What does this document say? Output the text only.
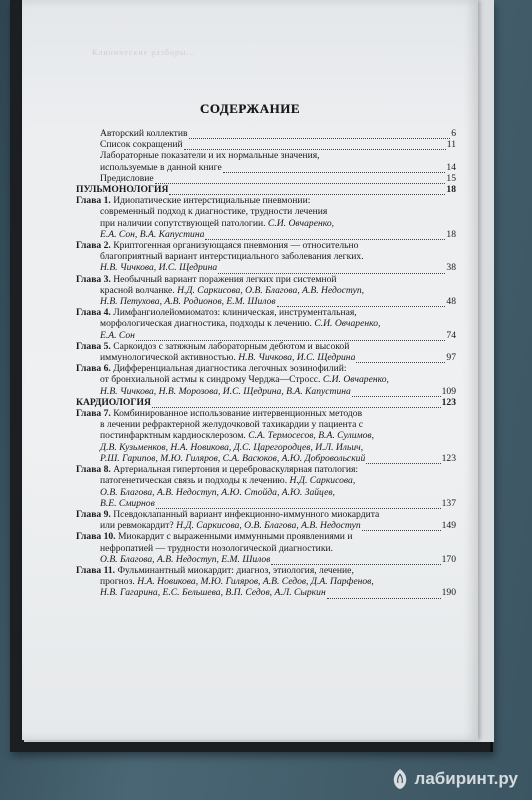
Клинические разборы...
СОДЕРЖАНИЕ
Авторский коллектив	6
Список сокращений	11
Лабораторные показатели и их нормальные значения,
используемые в данной книге	14
Предисловие	15
ПУЛЬМОНОЛОГИЯ	18
Глава 1. Идиопатические интерстициальные пневмонии:
современный подход к диагностике, трудности лечения
при наличии сопутствующей патологии. С.И. Овчаренко,
Е.А. Сон, В.А. Капустина	18
Глава 2. Криптогенная организующаяся пневмония — относительно
благоприятный вариант интерстициального заболевания легких.
Н.В. Чичкова, И.С. Щедрина	38
Глава 3. Необычный вариант поражения легких при системной
красной волчанке. Н.Д. Саркисова, О.В. Благова, А.В. Недоступ,
Н.В. Петухова, А.В. Родионов, Е.М. Шилов	48
Глава 4. Лимфангиолейомиоматоз: клиническая, инструментальная,
морфологическая диагностика, подходы к лечению. С.И. Овчаренко,
Е.А. Сон	74
Глава 5. Саркоидоз с затяжным лабораторным дебютом и высокой
иммунологической активностью.
Н.В. Чичкова, И.С. Щедрина	97
Глава 6. Дифференциальная диагностика легочных эозинофилий:
от бронхиальной астмы к синдрому Черджа—Стросс. С.И. Овчаренко,
Н.В. Чичкова, Н.В. Морозова, И.С. Щедрина, В.А. Капустина	109
КАРДИОЛОГИЯ	123
Глава 7. Комбинированное использование интервенционных методов
в лечении рефрактерной желудочковой тахикардии у пациента с
постинфарктным кардиосклерозом. С.А. Термосесов, В.А. Сулимов,
Д.В. Кузьменков, Н.А. Новикова, Д.С. Царегородцев, И.Л. Ильич,
Р.Ш. Гарипов, М.Ю. Гиляров, С.А. Васюков, А.Ю. Добровольский	123
Глава 8. Артериальная гипертония и цереброваскулярная патология:
патогенетическая связь и подходы к лечению. Н.Д. Саркисова,
О.В. Благова, А.В. Недоступ, А.Ю. Стойда, А.Ю. Зайцев,
В.Е. Смирнов	137
Глава 9. Псевдоклапанный вариант инфекционно-иммунного миокардита
или ревмокардит?
Н.Д. Саркисова, О.В. Благова, А.В. Недоступ	149
Глава 10. Миокардит с выраженными иммунными проявлениями и
нефропатией — трудности нозологической диагностики.
О.В. Благова, А.В. Недоступ, Е.М. Шилов	170
Глава 11. Фульминантный миокардит: диагноз, этиология, лечение,
прогноз. Н.А. Новикова, М.Ю. Гиляров, А.В. Седов, Д.А. Парфенов,
Н.В. Гагарина, Е.С. Бельшева, В.П. Седов, А.Л. Сыркин	190
лабиринт.ру
